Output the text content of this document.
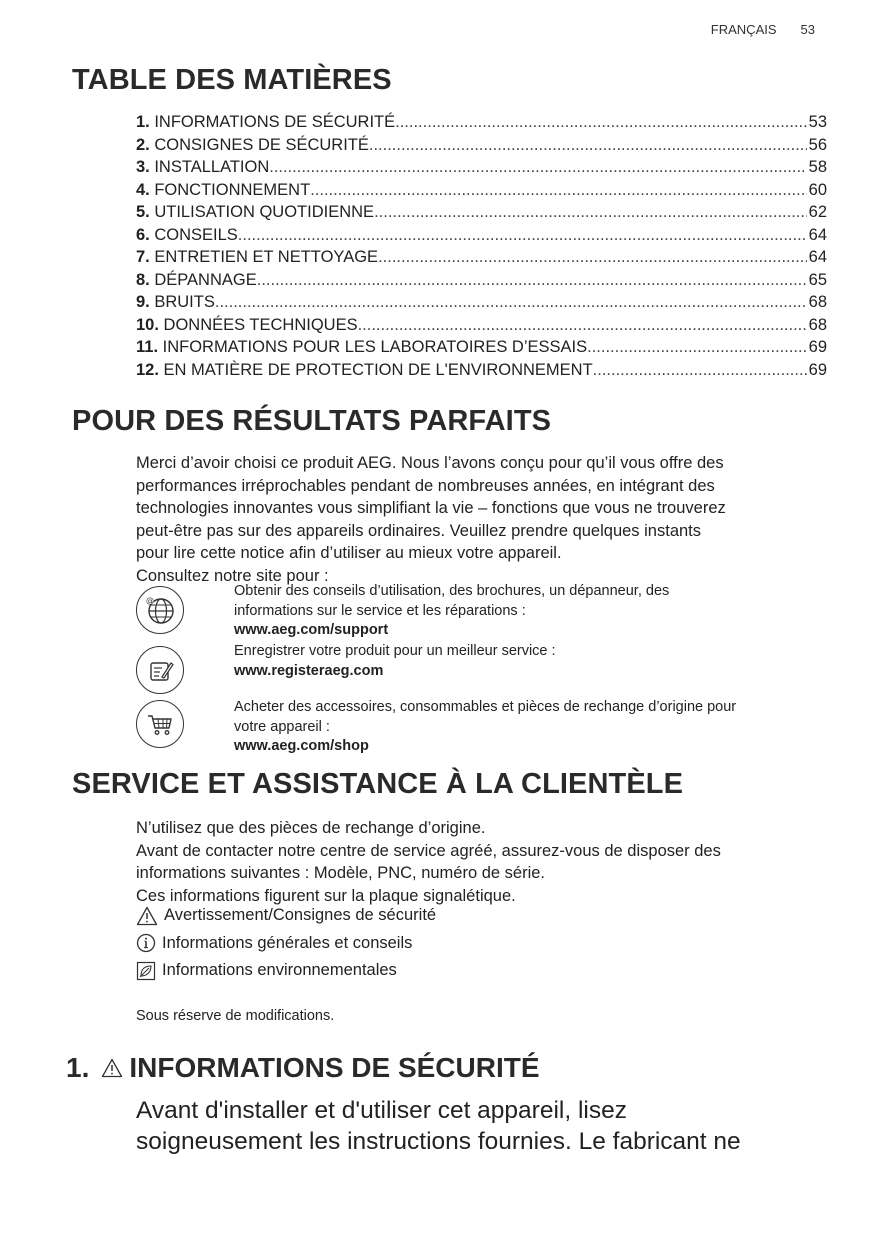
FRANÇAIS 53
TABLE DES MATIÈRES
1. INFORMATIONS DE SÉCURITÉ .....	53
2. CONSIGNES DE SÉCURITÉ .....	56
3. INSTALLATION .....	58
4. FONCTIONNEMENT .....	60
5. UTILISATION QUOTIDIENNE .....	62
6. CONSEILS .....	64
7. ENTRETIEN ET NETTOYAGE .....	64
8. DÉPANNAGE .....	65
9. BRUITS .....	68
10. DONNÉES TECHNIQUES .....	68
11. INFORMATIONS POUR LES LABORATOIRES D’ESSAIS .....	69
12. EN MATIÈRE DE PROTECTION DE L'ENVIRONNEMENT .....	69
POUR DES RÉSULTATS PARFAITS

Merci d’avoir choisi ce produit AEG. Nous l’avons conçu pour qu’il vous offre des

performances irréprochables pendant de nombreuses années, en intégrant des

technologies innovantes vous simplifiant la vie – fonctions que vous ne trouverez

peut-être pas sur des appareils ordinaires. Veuillez prendre quelques instants

pour lire cette notice afin d’utiliser au mieux votre appareil.

Consultez notre site pour :

@
Obtenir des conseils d’utilisation, des brochures, un dépanneur, des
informations sur le service et les réparations :
www.aeg.com/support
Enregistrer votre produit pour un meilleur service :
www.registeraeg.com
Acheter des accessoires, consommables et pièces de rechange d’origine pour
votre appareil :
www.aeg.com/shop
SERVICE ET ASSISTANCE À LA CLIENTÈLE

N’utilisez que des pièces de rechange d’origine.

Avant de contacter notre centre de service agréé, assurez-vous de disposer des

informations suivantes : Modèle, PNC, numéro de série.

Ces informations figurent sur la plaque signalétique.

Avertissement/Consignes de sécurité
Informations générales et conseils
Informations environnementales
Sous réserve de modifications.
1. INFORMATIONS DE SÉCURITÉ
Avant d'installer et d'utiliser cet appareil, lisez
soigneusement les instructions fournies. Le fabricant ne
